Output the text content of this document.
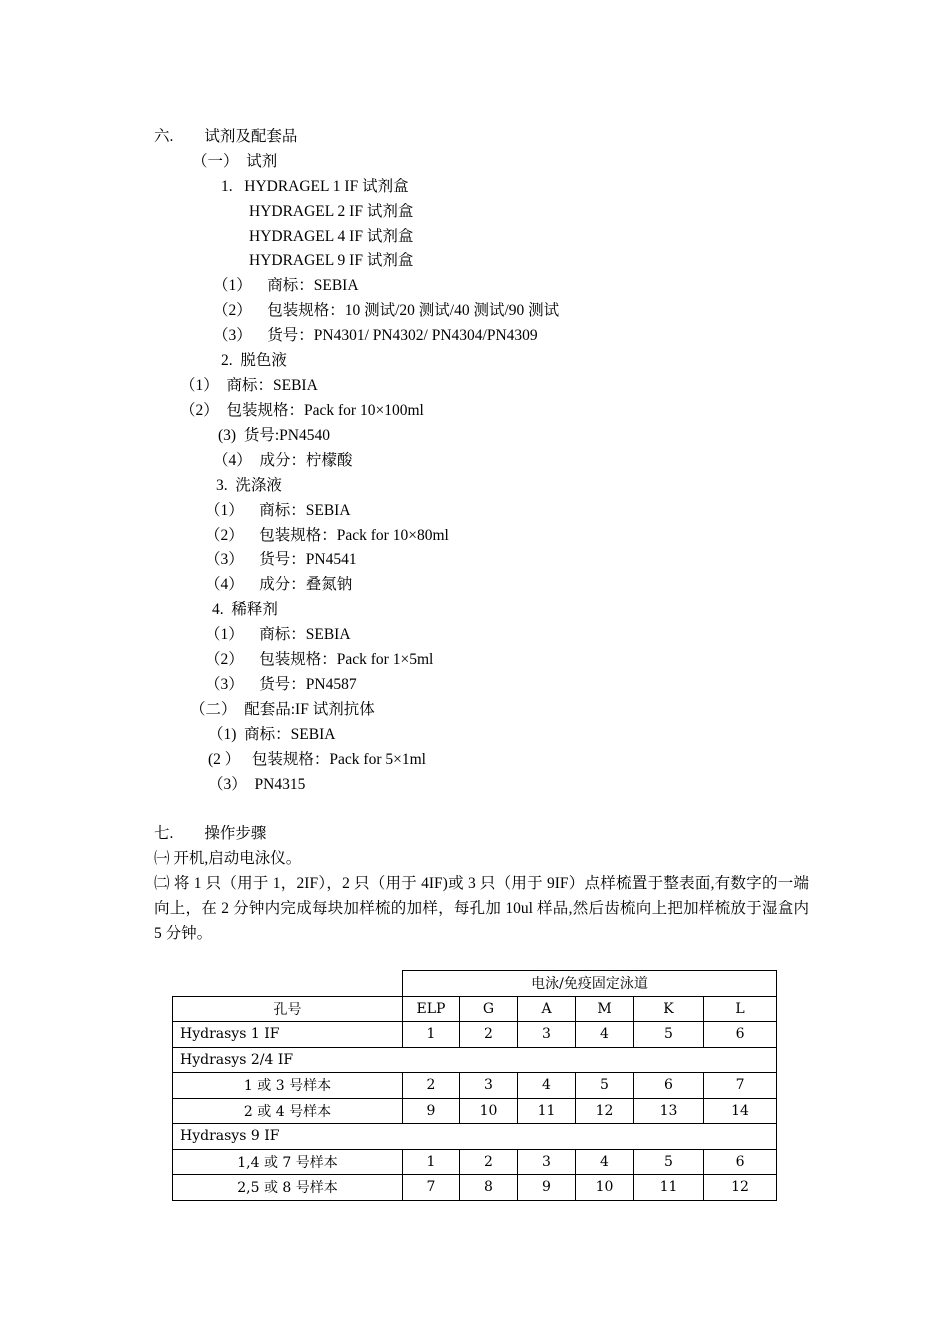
六.        试剂及配套品
（一）  试剂
1.   HYDRAGEL 1 IF 试剂盒
HYDRAGEL 2 IF 试剂盒
HYDRAGEL 4 IF 试剂盒
HYDRAGEL 9 IF 试剂盒
（1）    商标：SEBIA
（2）    包装规格：10 测试/20 测试/40 测试/90 测试
（3）    货号：PN4301/ PN4302/ PN4304/PN4309
2.  脱色液
（1）  商标：SEBIA
（2）  包装规格：Pack for 10×100ml
(3)  货号:PN4540
（4）  成分：柠檬酸
3.  洗涤液
（1）    商标：SEBIA
（2）    包装规格：Pack for 10×80ml
（3）    货号：PN4541
（4）    成分：叠氮钠
4.  稀释剂
（1）    商标：SEBIA
（2）    包装规格：Pack for 1×5ml
（3）    货号：PN4587
（二）  配套品:IF 试剂抗体
（1)  商标：SEBIA
(2 ）   包装规格：Pack for 5×1ml
（3）  PN4315
七.        操作步骤
㈠ 开机,启动电泳仪。
㈡ 将 1 只（用于 1，2IF），2 只（用于 4IF)或 3 只（用于 9IF）点样梳置于整表面,有数字的一端向上，在 2 分钟内完成每块加样梳的加样，每孔加 10ul 样品,然后齿梳向上把加样梳放于湿盒内 5 分钟。
	电泳/免疫固定泳道					
孔号	ELP	G	A	M	K	L
Hydrasys 1 IF	1	2	3	4	5	6
Hydrasys 2/4 IF						
1 或 3 号样本	2	3	4	5	6	7
2 或 4 号样本	9	10	11	12	13	14
Hydrasys 9 IF						
1,4 或 7 号样本	1	2	3	4	5	6
2,5 或 8 号样本	7	8	9	10	11	12
